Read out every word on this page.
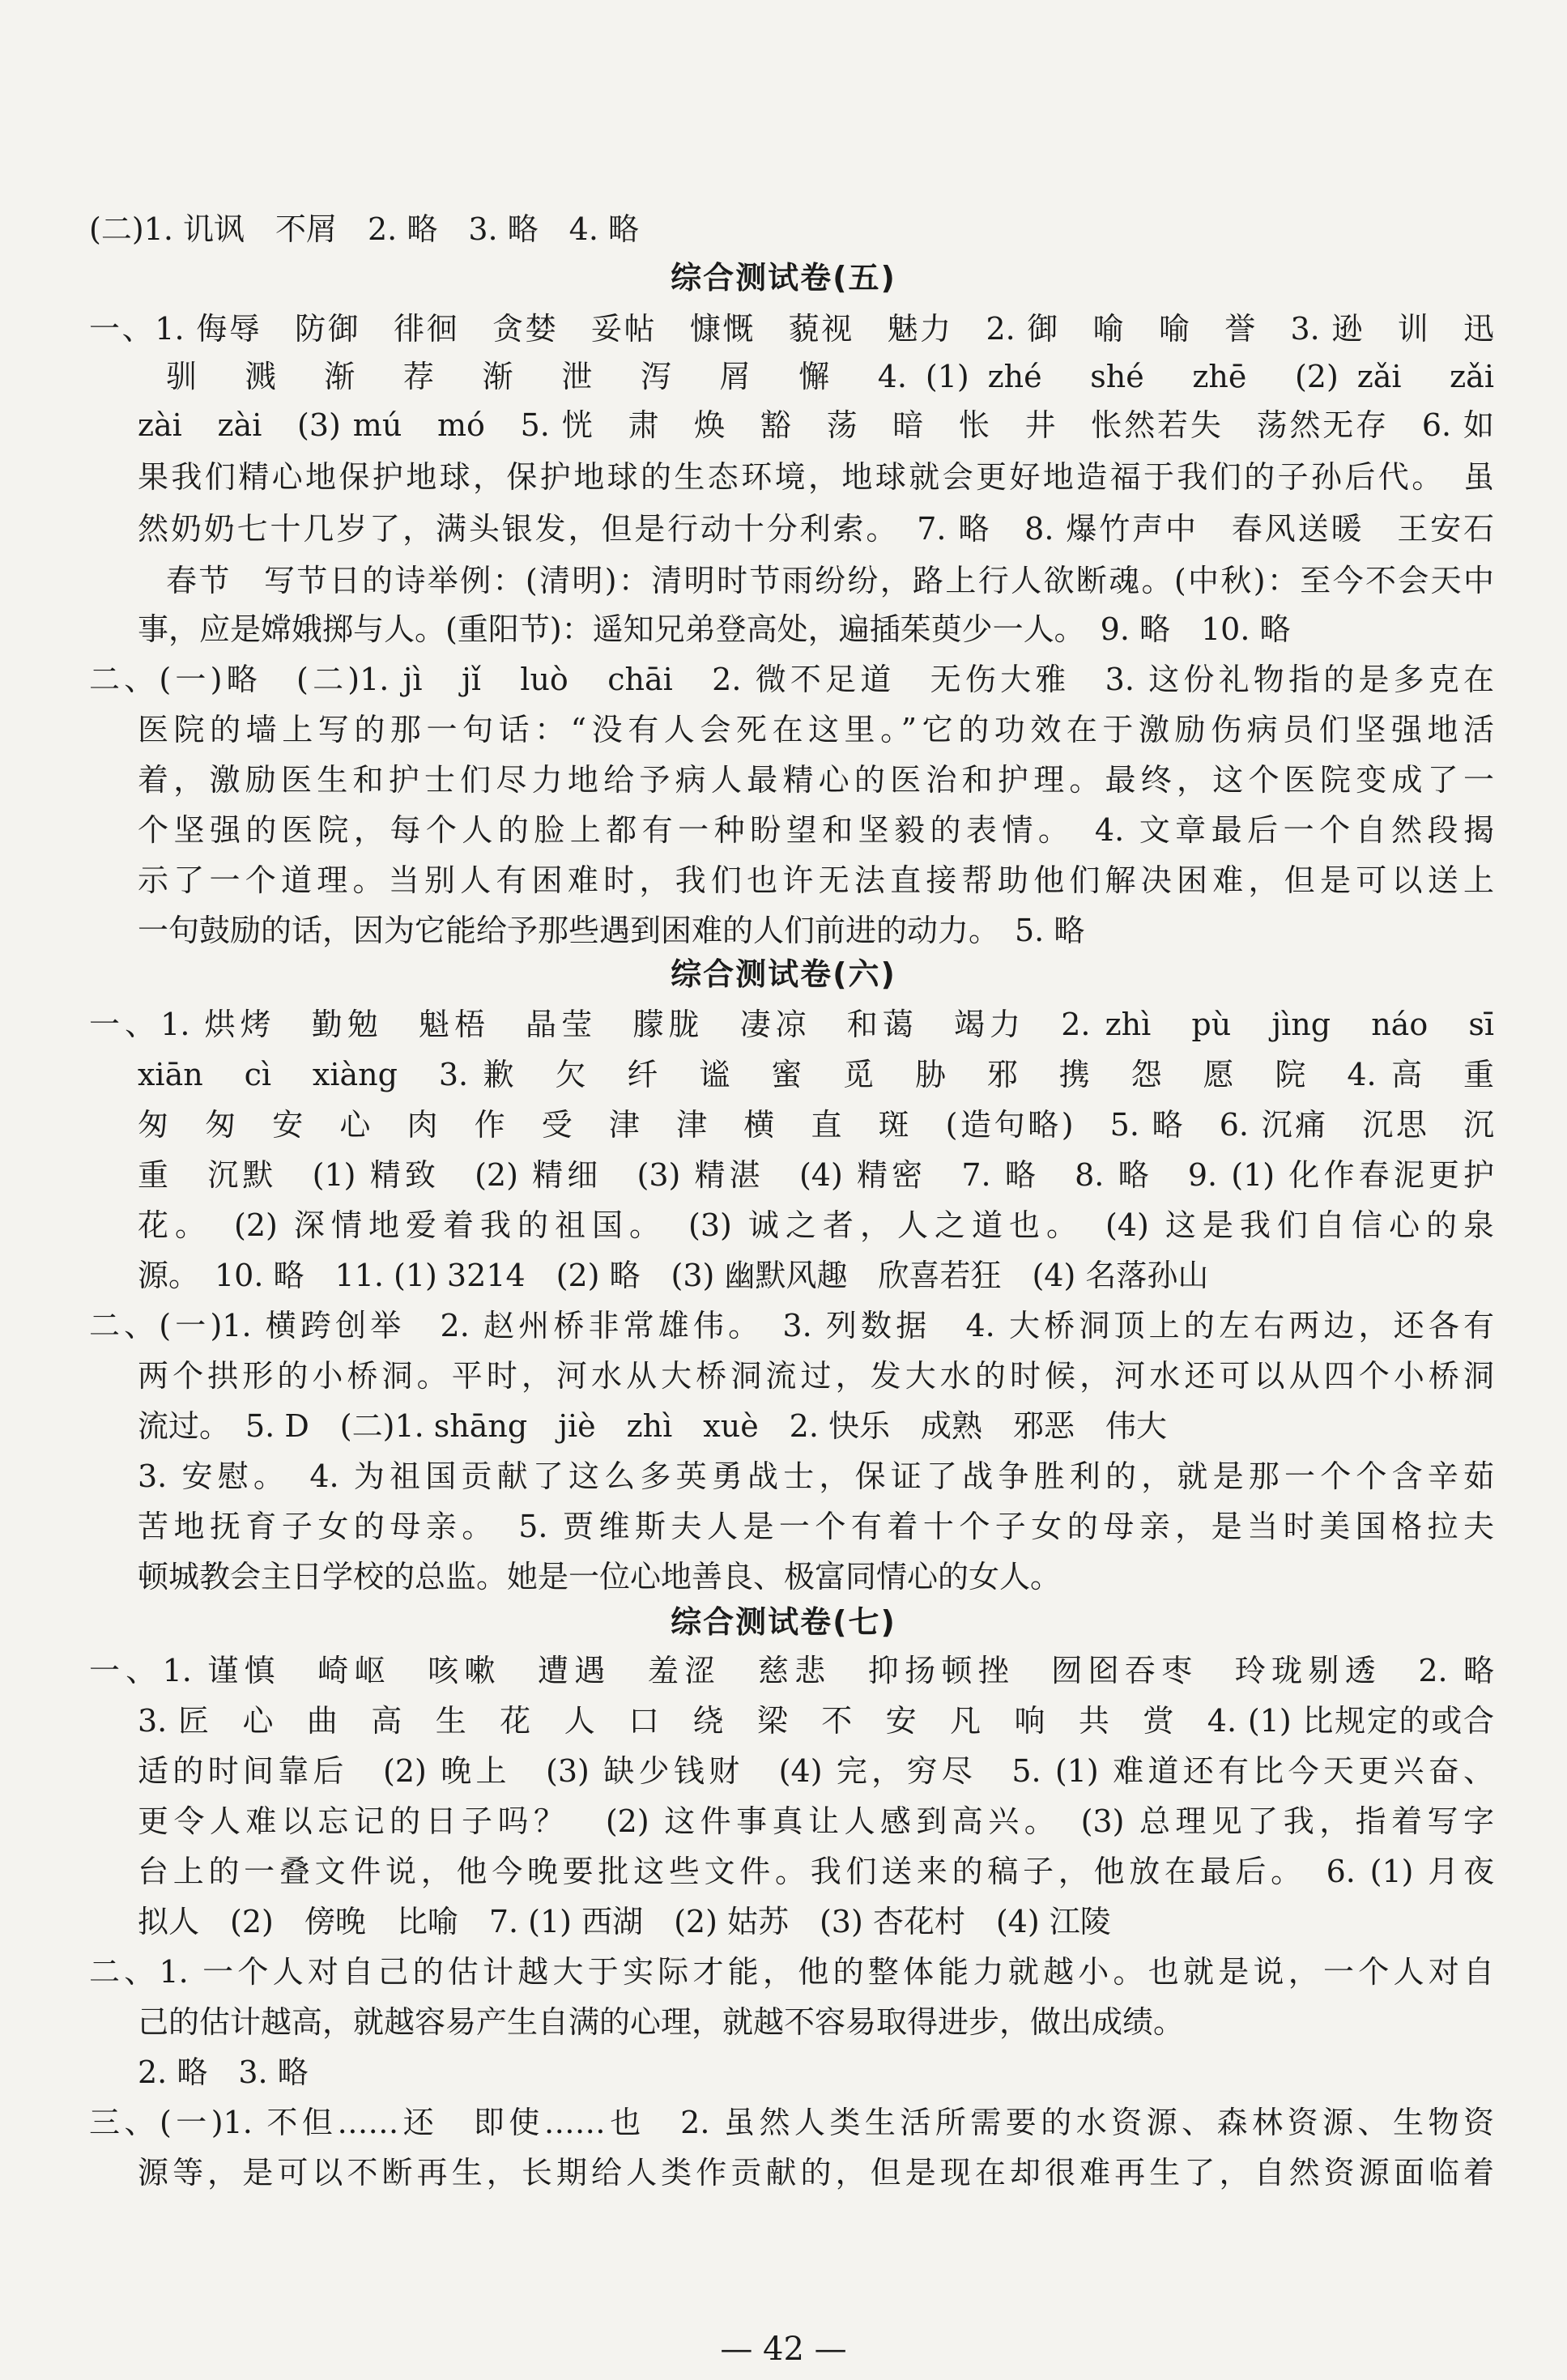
(二)1. 讥讽　不屑　2. 略　3. 略　4. 略
综合测试卷(五)
一、1. 侮辱　防御　徘徊　贪婪　妥帖　慷慨　藐视　魅力　2. 御　喻　喻　誉　3. 逊　训　迅
驯　溅　渐　荐　渐　泄　泻　屑　懈　4. (1) zhé　shé　zhē　(2) zǎi　zǎi
zài　zài　(3) mú　mó　5. 恍　肃　焕　豁　荡　暗　怅　井　怅然若失　荡然无存　6. 如
果我们精心地保护地球，保护地球的生态环境，地球就会更好地造福于我们的子孙后代。　虽
然奶奶七十几岁了，满头银发，但是行动十分利索。　7. 略　8. 爆竹声中　春风送暖　王安石
春节　写节日的诗举例：(清明)：清明时节雨纷纷，路上行人欲断魂。(中秋)：至今不会天中
事，应是嫦娥掷与人。(重阳节)：遥知兄弟登高处，遍插茱萸少一人。　9. 略　10. 略
二、(一)略　(二)1. jì　jǐ　luò　chāi　2. 微不足道　无伤大雅　3. 这份礼物指的是多克在
医院的墙上写的那一句话：“没有人会死在这里。”它的功效在于激励伤病员们坚强地活
着，激励医生和护士们尽力地给予病人最精心的医治和护理。最终，这个医院变成了一
个坚强的医院，每个人的脸上都有一种盼望和坚毅的表情。　4. 文章最后一个自然段揭
示了一个道理。当别人有困难时，我们也许无法直接帮助他们解决困难，但是可以送上
一句鼓励的话，因为它能给予那些遇到困难的人们前进的动力。　5. 略
综合测试卷(六)
一、1. 烘烤　勤勉　魁梧　晶莹　朦胧　凄凉　和蔼　竭力　2. zhì　pù　jìng　náo　sī
xiān　cì　xiàng　3. 歉　欠　纤　谧　蜜　觅　胁　邪　携　怨　愿　院　4. 高　重
匆　匆　安　心　肉　作　受　津　津　横　直　斑　(造句略)　5. 略　6. 沉痛　沉思　沉
重　沉默　(1) 精致　(2) 精细　(3) 精湛　(4) 精密　7. 略　8. 略　9. (1) 化作春泥更护
花。　(2) 深情地爱着我的祖国。　(3) 诚之者，人之道也。　(4) 这是我们自信心的泉
源。　10. 略　11. (1) 3214　(2) 略　(3) 幽默风趣　欣喜若狂　(4) 名落孙山
二、(一)1. 横跨创举　2. 赵州桥非常雄伟。　3. 列数据　4. 大桥洞顶上的左右两边，还各有
两个拱形的小桥洞。平时，河水从大桥洞流过，发大水的时候，河水还可以从四个小桥洞
流过。　5. D　(二)1. shāng　jiè　zhì　xuè　2. 快乐　成熟　邪恶　伟大
3. 安慰。　4. 为祖国贡献了这么多英勇战士，保证了战争胜利的，就是那一个个含辛茹
苦地抚育子女的母亲。　5. 贾维斯夫人是一个有着十个子女的母亲，是当时美国格拉夫
顿城教会主日学校的总监。她是一位心地善良、极富同情心的女人。
综合测试卷(七)
一、1. 谨慎　崎岖　咳嗽　遭遇　羞涩　慈悲　抑扬顿挫　囫囵吞枣　玲珑剔透　2. 略
3. 匠　心　曲　高　生　花　人　口　绕　梁　不　安　凡　响　共　赏　4. (1) 比规定的或合
适的时间靠后　(2) 晚上　(3) 缺少钱财　(4) 完，穷尽　5. (1) 难道还有比今天更兴奋、
更令人难以忘记的日子吗？　(2) 这件事真让人感到高兴。　(3) 总理见了我，指着写字
台上的一叠文件说，他今晚要批这些文件。我们送来的稿子，他放在最后。　6. (1) 月夜
拟人　(2)　傍晚　比喻　7. (1) 西湖　(2) 姑苏　(3) 杏花村　(4) 江陵
二、1. 一个人对自己的估计越大于实际才能，他的整体能力就越小。也就是说，一个人对自
己的估计越高，就越容易产生自满的心理，就越不容易取得进步，做出成绩。
2. 略　3. 略
三、(一)1. 不但……还　即使……也　2. 虽然人类生活所需要的水资源、森林资源、生物资
源等，是可以不断再生，长期给人类作贡献的，但是现在却很难再生了，自然资源面临着
— 42 —
